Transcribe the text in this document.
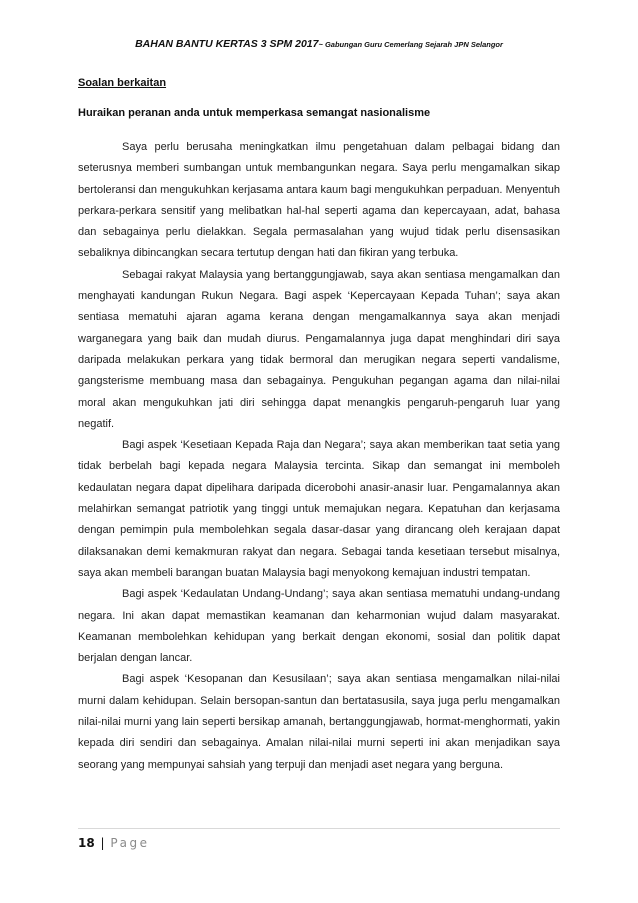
BAHAN BANTU KERTAS 3 SPM 2017~ Gabungan Guru Cemerlang Sejarah JPN Selangor
Soalan berkaitan
Huraikan peranan anda untuk memperkasa semangat nasionalisme

Saya perlu berusaha meningkatkan ilmu pengetahuan dalam pelbagai bidang dan seterusnya memberi sumbangan untuk membangunkan negara. Saya perlu mengamalkan sikap bertoleransi dan mengukuhkan kerjasama antara kaum bagi mengukuhkan perpaduan. Menyentuh perkara-perkara sensitif yang melibatkan hal-hal seperti agama dan kepercayaan, adat, bahasa dan sebagainya perlu dielakkan. Segala permasalahan yang wujud tidak perlu disensasikan sebaliknya dibincangkan secara tertutup dengan hati dan fikiran yang terbuka.

Sebagai rakyat Malaysia yang bertanggungjawab, saya akan sentiasa mengamalkan dan menghayati kandungan Rukun Negara. Bagi aspek ‘Kepercayaan Kepada Tuhan’; saya akan sentiasa mematuhi ajaran agama kerana dengan mengamalkannya saya akan menjadi warganegara yang baik dan mudah diurus. Pengamalannya juga dapat menghindari diri saya daripada melakukan perkara yang tidak bermoral dan merugikan negara seperti vandalisme, gangsterisme membuang masa dan sebagainya. Pengukuhan pegangan agama dan nilai-nilai moral akan mengukuhkan jati diri sehingga dapat menangkis pengaruh-pengaruh luar yang negatif.

Bagi aspek ‘Kesetiaan Kepada Raja dan Negara’; saya akan memberikan taat setia yang tidak berbelah bagi kepada negara Malaysia tercinta. Sikap dan semangat ini memboleh kedaulatan negara dapat dipelihara daripada dicerobohi anasir-anasir luar. Pengamalannya akan melahirkan semangat patriotik yang tinggi untuk memajukan negara. Kepatuhan dan kerjasama dengan pemimpin pula membolehkan segala dasar-dasar yang dirancang oleh kerajaan dapat dilaksanakan demi kemakmuran rakyat dan negara. Sebagai tanda kesetiaan tersebut misalnya, saya akan membeli barangan buatan Malaysia bagi menyokong kemajuan industri tempatan.

Bagi aspek ‘Kedaulatan Undang-Undang’; saya akan sentiasa mematuhi undang-undang negara. Ini akan dapat memastikan keamanan dan keharmonian wujud dalam masyarakat. Keamanan membolehkan kehidupan yang berkait dengan ekonomi, sosial dan politik dapat berjalan dengan lancar.

Bagi aspek ‘Kesopanan dan Kesusilaan’; saya akan sentiasa mengamalkan nilai-nilai murni dalam kehidupan. Selain bersopan-santun dan bertatasusila, saya juga perlu mengamalkan nilai-nilai murni yang lain seperti bersikap amanah, bertanggungjawab, hormat-menghormati, yakin kepada diri sendiri dan sebagainya. Amalan nilai-nilai murni seperti ini akan menjadikan saya seorang yang mempunyai sahsiah yang terpuji dan menjadi aset negara yang berguna.

18 | Page
